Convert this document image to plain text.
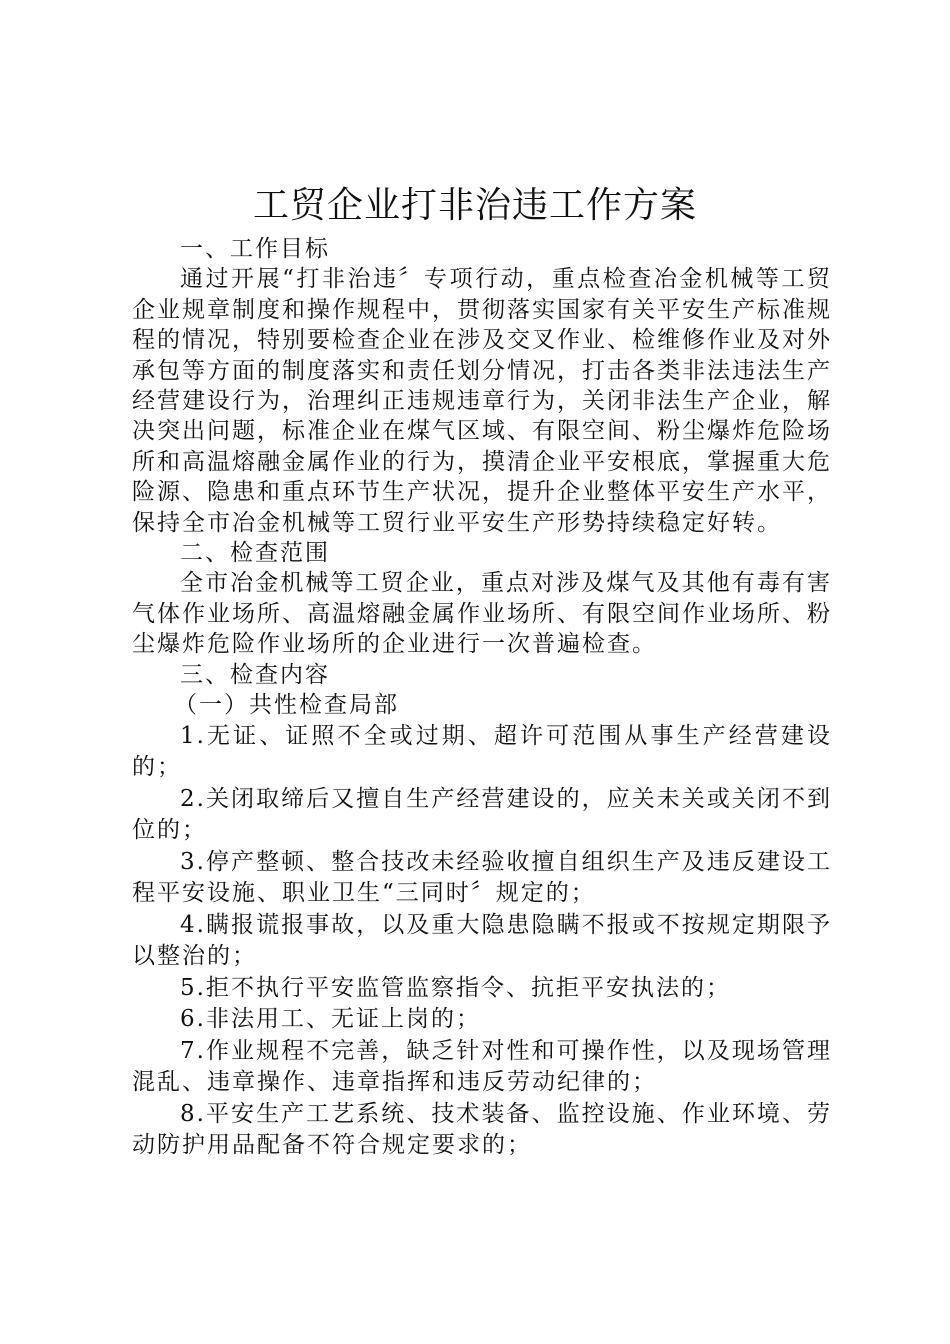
工贸企业打非治违工作方案

一、工作目标

通过开展“打非治违〞专项行动，重点检查冶金机械等工贸企业规章制度和操作规程中，贯彻落实国家有关平安生产标准规程的情况，特别要检查企业在涉及交叉作业、检维修作业及对外承包等方面的制度落实和责任划分情况，打击各类非法违法生产经营建设行为，治理纠正违规违章行为，关闭非法生产企业，解决突出问题，标准企业在煤气区域、有限空间、粉尘爆炸危险场所和高温熔融金属作业的行为，摸清企业平安根底，掌握重大危险源、隐患和重点环节生产状况，提升企业整体平安生产水平，保持全市冶金机械等工贸行业平安生产形势持续稳定好转。

二、检查范围

全市冶金机械等工贸企业，重点对涉及煤气及其他有毒有害气体作业场所、高温熔融金属作业场所、有限空间作业场所、粉尘爆炸危险作业场所的企业进行一次普遍检查。

三、检查内容

（一）共性检查局部

1.无证、证照不全或过期、超许可范围从事生产经营建设的；

2.关闭取缔后又擅自生产经营建设的，应关未关或关闭不到位的；

3.停产整顿、整合技改未经验收擅自组织生产及违反建设工程平安设施、职业卫生“三同时〞规定的；

4.瞒报谎报事故，以及重大隐患隐瞒不报或不按规定期限予以整治的；

5.拒不执行平安监管监察指令、抗拒平安执法的；

6.非法用工、无证上岗的；

7.作业规程不完善，缺乏针对性和可操作性，以及现场管理混乱、违章操作、违章指挥和违反劳动纪律的；

8.平安生产工艺系统、技术装备、监控设施、作业环境、劳动防护用品配备不符合规定要求的；
